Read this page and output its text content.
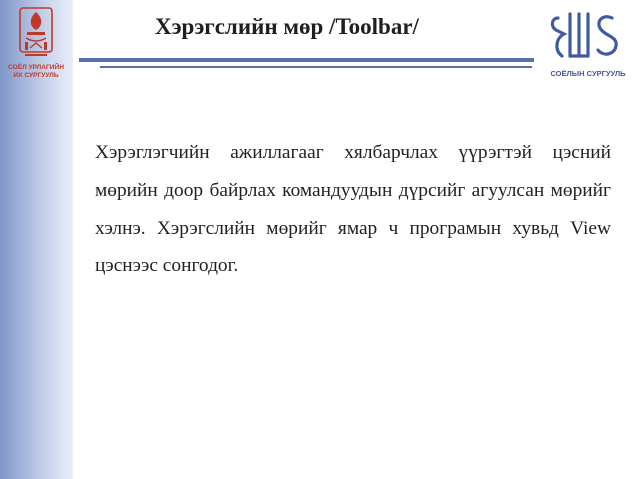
СОЁЛ УРЛАГИЙН
ИХ СУРГУУЛЬ
Хэрэгслийн мөр /Toolbar/
СОЁЛЫН СУРГУУЛЬ
Хэрэглэгчийн ажиллагааг хялбарчлах үүрэгтэй цэсний мөрийн доор байрлах командуудын дүрсийг агуулсан мөрийг хэлнэ. Хэрэгслийн мөрийг ямар ч програмын хувьд View цэснээс сонгодог.
